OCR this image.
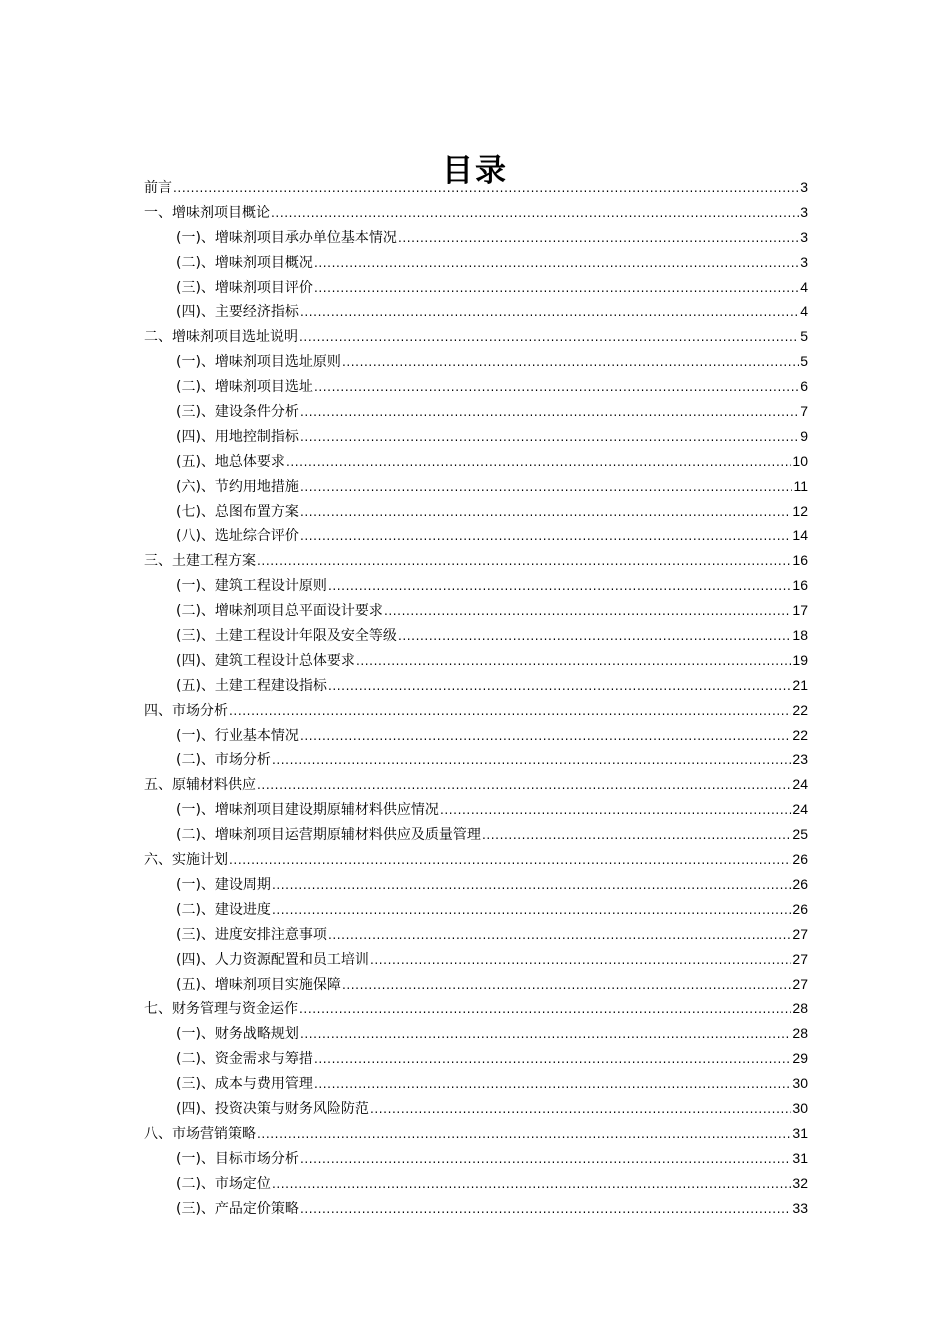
目录
前言 .....	3
一、增味剂项目概论 .....	3
(一)、增味剂项目承办单位基本情况 .....	3
(二)、增味剂项目概况 .....	3
(三)、增味剂项目评价 .....	4
(四)、主要经济指标 .....	4
二、增味剂项目选址说明 .....	5
(一)、增味剂项目选址原则 .....	5
(二)、增味剂项目选址 .....	6
(三)、建设条件分析 .....	7
(四)、用地控制指标 .....	9
(五)、地总体要求 .....	10
(六)、节约用地措施 .....	11
(七)、总图布置方案 .....	12
(八)、选址综合评价 .....	14
三、土建工程方案 .....	16
(一)、建筑工程设计原则 .....	16
(二)、增味剂项目总平面设计要求 .....	17
(三)、土建工程设计年限及安全等级 .....	18
(四)、建筑工程设计总体要求 .....	19
(五)、土建工程建设指标 .....	21
四、市场分析 .....	22
(一)、行业基本情况 .....	22
(二)、市场分析 .....	23
五、原辅材料供应 .....	24
(一)、增味剂项目建设期原辅材料供应情况 .....	24
(二)、增味剂项目运营期原辅材料供应及质量管理 .....	25
六、实施计划 .....	26
(一)、建设周期 .....	26
(二)、建设进度 .....	26
(三)、进度安排注意事项 .....	27
(四)、人力资源配置和员工培训 .....	27
(五)、增味剂项目实施保障 .....	27
七、财务管理与资金运作 .....	28
(一)、财务战略规划 .....	28
(二)、资金需求与筹措 .....	29
(三)、成本与费用管理 .....	30
(四)、投资决策与财务风险防范 .....	30
八、市场营销策略 .....	31
(一)、目标市场分析 .....	31
(二)、市场定位 .....	32
(三)、产品定价策略 .....	33
